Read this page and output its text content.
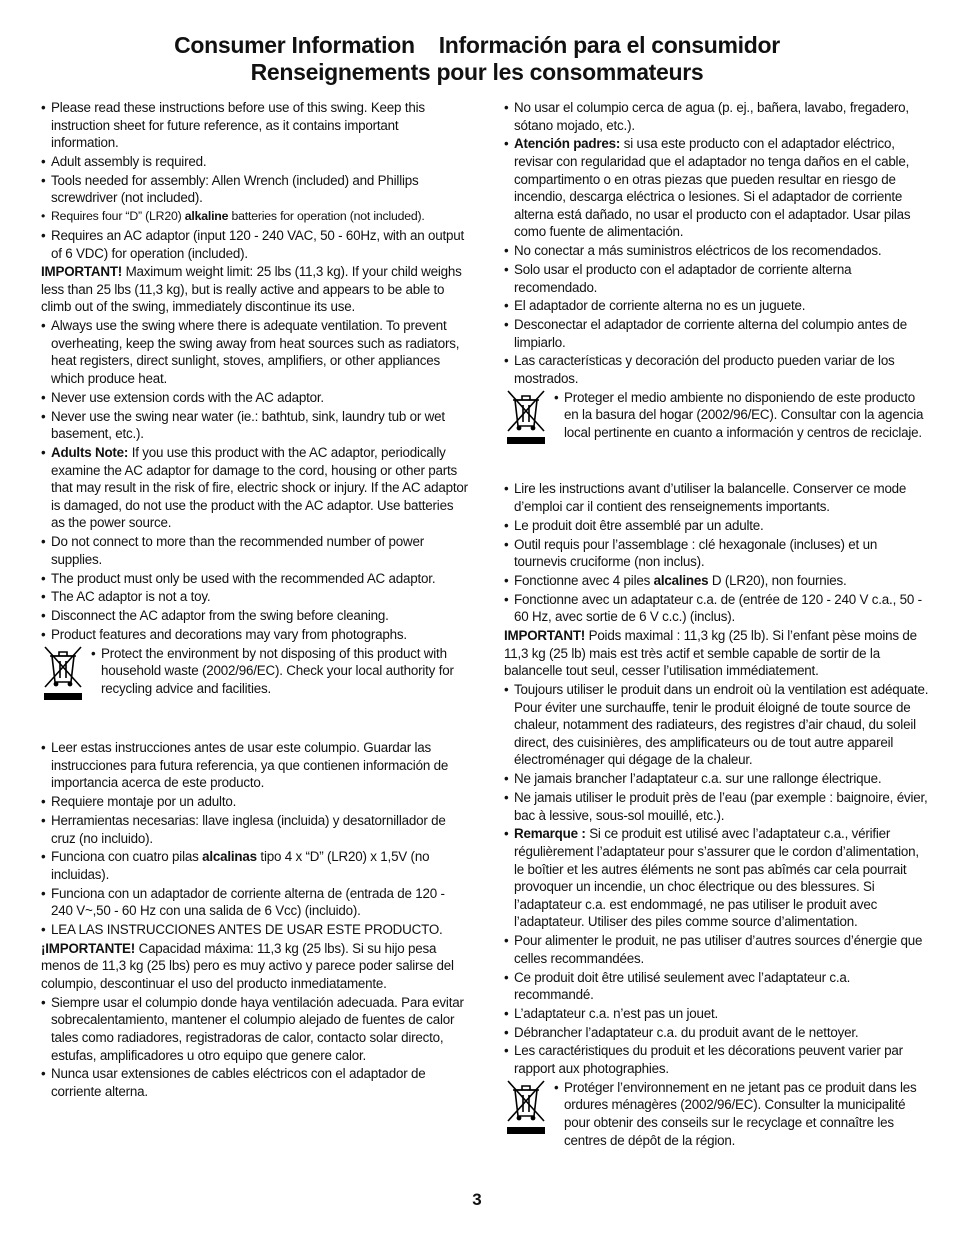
Consumer Information Información para el consumidor
Renseignements pour les consommateurs
• Please read these instructions before use of this swing. Keep this instruction sheet for future reference, as it contains important information.
• Adult assembly is required.
• Tools needed for assembly: Allen Wrench (included) and Phillips screwdriver (not included).
• Requires four “D” (LR20) alkaline batteries for operation (not included).
• Requires an AC adaptor (input 120 - 240 VAC, 50 - 60Hz, with an output of 6 VDC) for operation (included).
IMPORTANT! Maximum weight limit: 25 lbs (11,3 kg). If your child weighs less than 25 lbs (11,3 kg), but is really active and appears to be able to climb out of the swing, immediately discontinue its use.
• Always use the swing where there is adequate ventilation. To prevent overheating, keep the swing away from heat sources such as radiators, heat registers, direct sunlight, stoves, amplifiers, or other appliances which produce heat.
• Never use extension cords with the AC adaptor.
• Never use the swing near water (ie.: bathtub, sink, laundry tub or wet basement, etc.).
• Adults Note: If you use this product with the AC adaptor, periodically examine the AC adaptor for damage to the cord, housing or other parts that may result in the risk of fire, electric shock or injury. If the AC adaptor is damaged, do not use the product with the AC adaptor. Use batteries as the power source.
• Do not connect to more than the recommended number of power supplies.
• The product must only be used with the recommended AC adaptor.
• The AC adaptor is not a toy.
• Disconnect the AC adaptor from the swing before cleaning.
• Product features and decorations may vary from photographs.
• Protect the environment by not disposing of this product with household waste (2002/96/EC). Check your local authority for recycling advice and facilities.
• Leer estas instrucciones antes de usar este columpio. Guardar las instrucciones para futura referencia, ya que contienen información de importancia acerca de este producto.
• Requiere montaje por un adulto.
• Herramientas necesarias: llave inglesa (incluida) y desatornillador de cruz (no incluido).
• Funciona con cuatro pilas alcalinas tipo 4 x “D” (LR20) x 1,5V (no incluidas).
• Funciona con un adaptador de corriente alterna de (entrada de 120 - 240 V~,50 - 60 Hz con una salida de 6 Vcc) (incluido).
• LEA LAS INSTRUCCIONES ANTES DE USAR ESTE PRODUCTO.
¡IMPORTANTE! Capacidad máxima: 11,3 kg (25 lbs). Si su hijo pesa menos de 11,3 kg (25 lbs) pero es muy activo y parece poder salirse del columpio, descontinuar el uso del producto inmediatamente.
• Siempre usar el columpio donde haya ventilación adecuada. Para evitar sobrecalentamiento, mantener el columpio alejado de fuentes de calor tales como radiadores, registradoras de calor, contacto solar directo, estufas, amplificadores u otro equipo que genere calor.
• Nunca usar extensiones de cables eléctricos con el adaptador de corriente alterna.
• No usar el columpio cerca de agua (p. ej., bañera, lavabo, fregadero, sótano mojado, etc.).
• Atención padres: si usa este producto con el adaptador eléctrico, revisar con regularidad que el adaptador no tenga daños en el cable, compartimento o en otras piezas que pueden resultar en riesgo de incendio, descarga eléctrica o lesiones. Si el adaptador de corriente alterna está dañado, no usar el producto con el adaptador. Usar pilas como fuente de alimentación.
• No conectar a más suministros eléctricos de los recomendados.
• Solo usar el producto con el adaptador de corriente alterna recomendado.
• El adaptador de corriente alterna no es un juguete.
• Desconectar el adaptador de corriente alterna del columpio antes de limpiarlo.
• Las características y decoración del producto pueden variar de los mostrados.
• Proteger el medio ambiente no disponiendo de este producto en la basura del hogar (2002/96/EC). Consultar con la agencia local pertinente en cuanto a información y centros de reciclaje.
• Lire les instructions avant d’utiliser la balancelle. Conserver ce mode d’emploi car il contient des renseignements importants.
• Le produit doit être assemblé par un adulte.
• Outil requis pour l’assemblage : clé hexagonale (incluses) et un tournevis cruciforme (non inclus).
• Fonctionne avec 4 piles alcalines D (LR20), non fournies.
• Fonctionne avec un adaptateur c.a. de (entrée de 120 - 240 V c.a., 50 - 60 Hz, avec sortie de 6 V c.c.) (inclus).
IMPORTANT! Poids maximal : 11,3 kg (25 lb). Si l’enfant pèse moins de 11,3 kg (25 lb) mais est très actif et semble capable de sortir de la balancelle tout seul, cesser l’utilisation immédiatement.
• Toujours utiliser le produit dans un endroit où la ventilation est adéquate. Pour éviter une surchauffe, tenir le produit éloigné de toute source de chaleur, notamment des radiateurs, des registres d’air chaud, du soleil direct, des cuisinières, des amplificateurs ou de tout autre appareil électroménager qui dégage de la chaleur.
• Ne jamais brancher l’adaptateur c.a. sur une rallonge électrique.
• Ne jamais utiliser le produit près de l’eau (par exemple : baignoire, évier, bac à lessive, sous-sol mouillé, etc.).
• Remarque : Si ce produit est utilisé avec l’adaptateur c.a., vérifier régulièrement l’adaptateur pour s’assurer que le cordon d’alimentation, le boîtier et les autres éléments ne sont pas abîmés car cela pourrait provoquer un incendie, un choc électrique ou des blessures. Si l’adaptateur c.a. est endommagé, ne pas utiliser le produit avec l’adaptateur. Utiliser des piles comme source d’alimentation.
• Pour alimenter le produit, ne pas utiliser d’autres sources d’énergie que celles recommandées.
• Ce produit doit être utilisé seulement avec l’adaptateur c.a. recommandé.
• L’adaptateur c.a. n’est pas un jouet.
• Débrancher l’adaptateur c.a. du produit avant de le nettoyer.
• Les caractéristiques du produit et les décorations peuvent varier par rapport aux photographies.
• Protéger l’environnement en ne jetant pas ce produit dans les ordures ménagères (2002/96/EC). Consulter la municipalité pour obtenir des conseils sur le recyclage et connaître les centres de dépôt de la région.
3
